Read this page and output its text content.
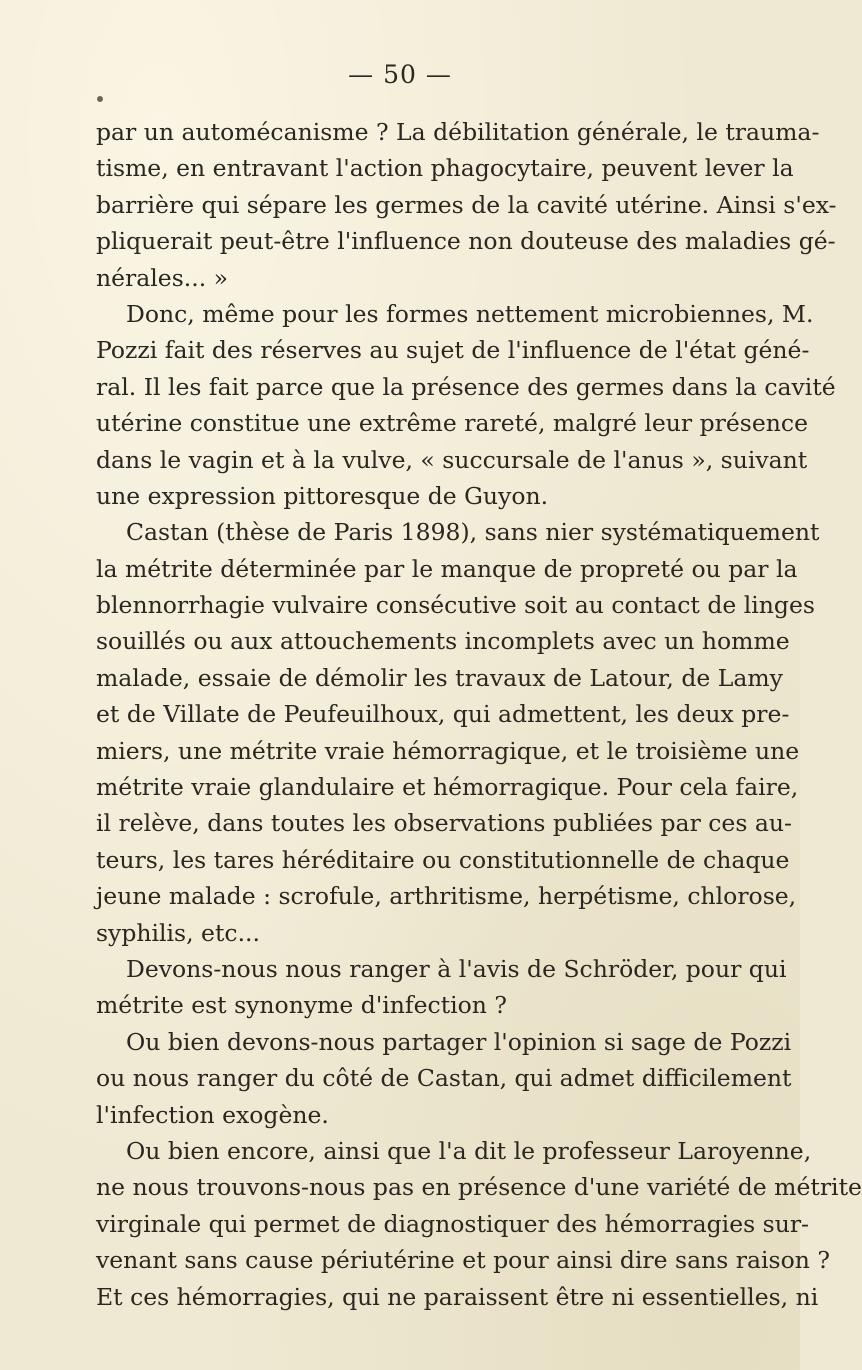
— 50 —
par un automécanisme ? La débilitation générale, le trauma-
tisme, en entravant l'action phagocytaire, peuvent lever la
barrière qui sépare les germes de la cavité utérine. Ainsi s'ex-
pliquerait peut-être l'influence non douteuse des maladies gé-
nérales... »
Donc, même pour les formes nettement microbiennes, M.
Pozzi fait des réserves au sujet de l'influence de l'état géné-
ral. Il les fait parce que la présence des germes dans la cavité
utérine constitue une extrême rareté, malgré leur présence
dans le vagin et à la vulve, « succursale de l'anus », suivant
une expression pittoresque de Guyon.
Castan (thèse de Paris 1898), sans nier systématiquement
la métrite déterminée par le manque de propreté ou par la
blennorrhagie vulvaire consécutive soit au contact de linges
souillés ou aux attouchements incomplets avec un homme
malade, essaie de démolir les travaux de Latour, de Lamy
et de Villate de Peufeuilhoux, qui admettent, les deux pre-
miers, une métrite vraie hémorragique, et le troisième une
métrite vraie glandulaire et hémorragique. Pour cela faire,
il relève, dans toutes les observations publiées par ces au-
teurs, les tares héréditaire ou constitutionnelle de chaque
jeune malade : scrofule, arthritisme, herpétisme, chlorose,
syphilis, etc...
Devons-nous nous ranger à l'avis de Schröder, pour qui
métrite est synonyme d'infection ?
Ou bien devons-nous partager l'opinion si sage de Pozzi
ou nous ranger du côté de Castan, qui admet difficilement
l'infection exogène.
Ou bien encore, ainsi que l'a dit le professeur Laroyenne,
ne nous trouvons-nous pas en présence d'une variété de métrite
virginale qui permet de diagnostiquer des hémorragies sur-
venant sans cause périutérine et pour ainsi dire sans raison ?
Et ces hémorragies, qui ne paraissent être ni essentielles, ni
